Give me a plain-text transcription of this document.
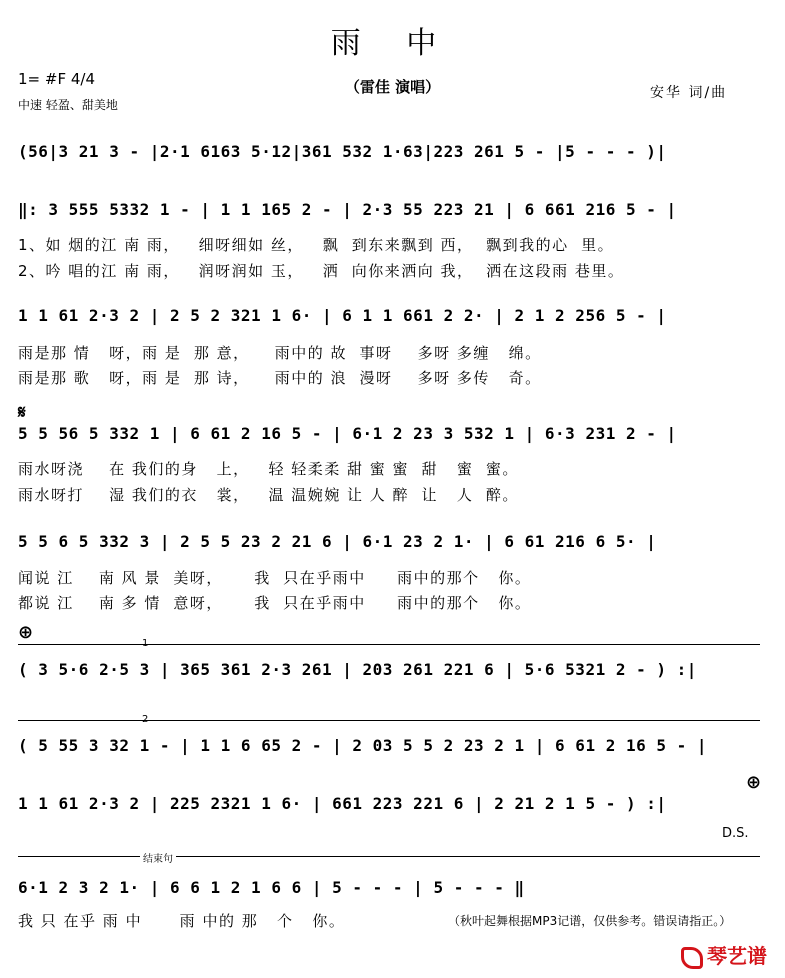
雨 中
（雷佳 演唱）
1= #F 4/4
中速 轻盈、甜美地
安华 词/曲
(56|3 21 3 - |2·1 6163 5·12|361 532 1·63|223 261 5 - |5 - - - )|
‖: 3 555 5332 1 - | 1 1 165 2 - | 2·3 55 223 21 | 6 661 216 5 - |
1、如 烟的江 南 雨，   细呀细如 丝，   飘  到东来飘到 西，  飘到我的心  里。
2、吟 唱的江 南 雨，   润呀润如 玉，   洒  向你来洒向 我，  洒在这段雨 巷里。
1 1 61 2·3 2 | 2 5 2 321 1 6· | 6 1 1 661 2 2· | 2 1 2 256 5 - |
雨是那 情   呀，雨 是  那 意，    雨中的 故  事呀    多呀 多缠   绵。
雨是那 歌   呀，雨 是  那 诗，    雨中的 浪  漫呀    多呀 多传   奇。
𝄋
5 5 56 5 332 1 | 6 61 2 16 5 - | 6·1 2 23 3 532 1 | 6·3 231 2 - |
雨水呀浇    在 我们的身   上，   轻 轻柔柔 甜 蜜 蜜  甜   蜜  蜜。
雨水呀打    湿 我们的衣   裳，   温 温婉婉 让 人 醉  让   人  醉。
5 5 6 5 332 3 | 2 5 5 23 2 21 6 | 6·1 23 2 1· | 6 61 216 6 5· |
闻说 江    南 风 景  美呀，     我  只在乎雨中     雨中的那个   你。
都说 江    南 多 情  意呀，     我  只在乎雨中     雨中的那个   你。
⊕
1
( 3 5·6 2·5 3 | 365 361 2·3 261 | 203 261 221 6 | 5·6 5321 2 - ) :|
2
( 5 55 3 32 1 - | 1 1 6 65 2 - | 2 03 5 5 2 23 2 1 | 6 61 2 16 5 - |
⊕
1 1 61 2·3 2 | 225 2321 1 6· | 661 223 221 6 | 2 21 2 1 5 - ) :|
D.S.
结束句
6·1 2 3 2 1· | 6 6 1 2 1 6 6 | 5 - - - | 5 - - - ‖
我 只 在乎 雨 中      雨 中的 那   个   你。	（秋叶起舞根据MP3记谱，仅供参考。错误请指正。）
琴艺谱
